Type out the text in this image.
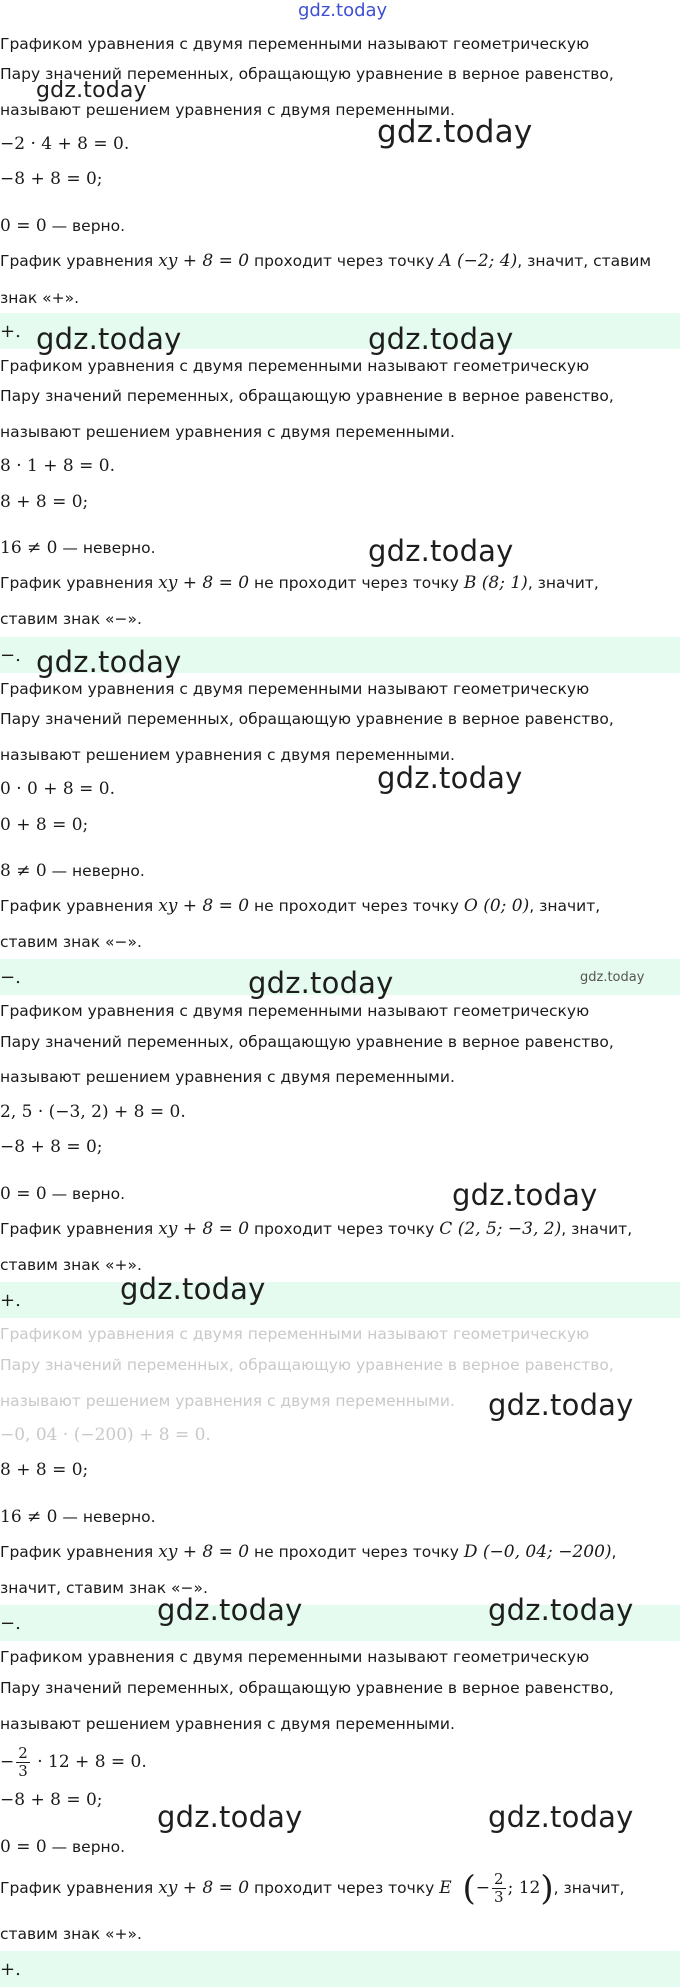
gdz.today
Графиком уравнения с двумя переменными называют геометрическую
Пару значений переменных, обращающую уравнение в верное равенство,
называют решением уравнения с двумя переменными.
−2 · 4 + 8 = 0.
−8 + 8 = 0;
0 = 0 — верно.
График уравнения xy + 8 = 0 проходит через точку A (−2; 4), значит, ставим
знак «+».
+.
Графиком уравнения с двумя переменными называют геометрическую
Пару значений переменных, обращающую уравнение в верное равенство,
называют решением уравнения с двумя переменными.
8 · 1 + 8 = 0.
8 + 8 = 0;
16 ≠ 0 — неверно.
График уравнения xy + 8 = 0 не проходит через точку B (8; 1), значит,
ставим знак «−».
−.
Графиком уравнения с двумя переменными называют геометрическую
Пару значений переменных, обращающую уравнение в верное равенство,
называют решением уравнения с двумя переменными.
0 · 0 + 8 = 0.
0 + 8 = 0;
8 ≠ 0 — неверно.
График уравнения xy + 8 = 0 не проходит через точку O (0; 0), значит,
ставим знак «−».
−.
Графиком уравнения с двумя переменными называют геометрическую
Пару значений переменных, обращающую уравнение в верное равенство,
называют решением уравнения с двумя переменными.
2, 5 · (−3, 2) + 8 = 0.
−8 + 8 = 0;
0 = 0 — верно.
График уравнения xy + 8 = 0 проходит через точку C (2, 5; −3, 2), значит,
ставим знак «+».
+.
Графиком уравнения с двумя переменными называют геометрическую
Пару значений переменных, обращающую уравнение в верное равенство,
называют решением уравнения с двумя переменными.
−0, 04 · (−200) + 8 = 0.
8 + 8 = 0;
16 ≠ 0 — неверно.
График уравнения xy + 8 = 0 не проходит через точку D (−0, 04; −200),
значит, ставим знак «−».
−.
Графиком уравнения с двумя переменными называют геометрическую
Пару значений переменных, обращающую уравнение в верное равенство,
называют решением уравнения с двумя переменными.
− $\frac{2}{3} \cdot 12 + 8 = 0$.
−8 + 8 = 0;
0 = 0 — верно.
График уравнения xy + 8 = 0 проходит через точку E (− $\frac{2}{3}$ ; 12), значит,
ставим знак «+».
+.
gdz.today
gdz.today
gdz.today	gdz.today
gdz.today
gdz.today
gdz.today
gdz.today	gdz.today
gdz.today
gdz.today
gdz.today
gdz.today	gdz.today
gdz.today	gdz.today
